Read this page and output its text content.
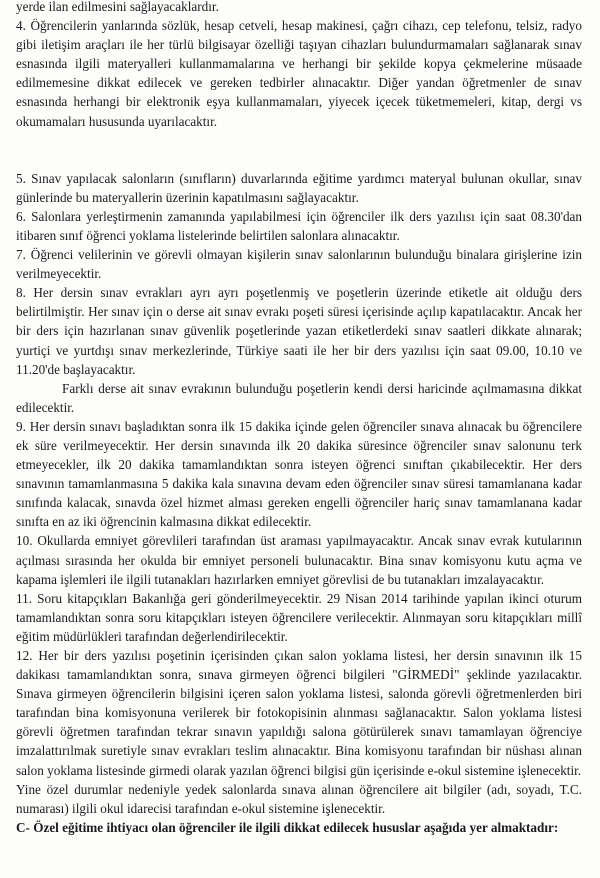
yerde ilan edilmesini sağlayacaklardır.

4. Öğrencilerin yanlarında sözlük, hesap cetveli, hesap makinesi, çağrı cihazı, cep telefonu, telsiz, radyo gibi iletişim araçları ile her türlü bilgisayar özelliği taşıyan cihazları bulundurmamaları sağlanarak sınav esnasında ilgili materyalleri kullanmamalarına ve herhangi bir şekilde kopya çekmelerine müsaade edilmemesine dikkat edilecek ve gereken tedbirler alınacaktır. Diğer yandan öğretmenler de sınav esnasında herhangi bir elektronik eşya kullanmamaları, yiyecek içecek tüketmemeleri, kitap, dergi vs okumamaları hususunda uyarılacaktır.

5. Sınav yapılacak salonların (sınıfların) duvarlarında eğitime yardımcı materyal bulunan okullar, sınav günlerinde bu materyallerin üzerinin kapatılmasını sağlayacaktır.

6. Salonlara yerleştirmenin zamanında yapılabilmesi için öğrenciler ilk ders yazılısı için saat 08.30'dan itibaren sınıf öğrenci yoklama listelerinde belirtilen salonlara alınacaktır.

7. Öğrenci velilerinin ve görevli olmayan kişilerin sınav salonlarının bulunduğu binalara girişlerine izin verilmeyecektir.

8. Her dersin sınav evrakları ayrı ayrı poşetlenmiş ve poşetlerin üzerinde etiketle ait olduğu ders belirtilmiştir. Her sınav için o derse ait sınav evrakı poşeti süresi içerisinde açılıp kapatılacaktır. Ancak her bir ders için hazırlanan sınav güvenlik poşetlerinde yazan etiketlerdeki sınav saatleri dikkate alınarak; yurtiçi ve yurtdışı sınav merkezlerinde, Türkiye saati ile her bir ders yazılısı için saat 09.00, 10.10 ve 11.20'de başlayacaktır.

Farklı derse ait sınav evrakının bulunduğu poşetlerin kendi dersi haricinde açılmamasına dikkat edilecektir.

9. Her dersin sınavı başladıktan sonra ilk 15 dakika içinde gelen öğrenciler sınava alınacak bu öğrencilere ek süre verilmeyecektir. Her dersin sınavında ilk 20 dakika süresince öğrenciler sınav salonunu terk etmeyecekler, ilk 20 dakika tamamlandıktan sonra isteyen öğrenci sınıftan çıkabilecektir. Her ders sınavının tamamlanmasına 5 dakika kala sınavına devam eden öğrenciler sınav süresi tamamlanana kadar sınıfında kalacak, sınavda özel hizmet alması gereken engelli öğrenciler hariç sınav tamamlanana kadar sınıfta en az iki öğrencinin kalmasına dikkat edilecektir.

10. Okullarda emniyet görevlileri tarafından üst araması yapılmayacaktır. Ancak sınav evrak kutularının açılması sırasında her okulda bir emniyet personeli bulunacaktır. Bina sınav komisyonu kutu açma ve kapama işlemleri ile ilgili tutanakları hazırlarken emniyet görevlisi de bu tutanakları imzalayacaktır.

11. Soru kitapçıkları Bakanlığa geri gönderilmeyecektir. 29 Nisan 2014 tarihinde yapılan ikinci oturum tamamlandıktan sonra soru kitapçıkları isteyen öğrencilere verilecektir. Alınmayan soru kitapçıkları millî eğitim müdürlükleri tarafından değerlendirilecektir.

12. Her bir ders yazılısı poşetinin içerisinden çıkan salon yoklama listesi, her dersin sınavının ilk 15 dakikası tamamlandıktan sonra, sınava girmeyen öğrenci bilgileri "GİRMEDİ" şeklinde yazılacaktır. Sınava girmeyen öğrencilerin bilgisini içeren salon yoklama listesi, salonda görevli öğretmenlerden biri tarafından bina komisyonuna verilerek bir fotokopisinin alınması sağlanacaktır. Salon yoklama listesi görevli öğretmen tarafından tekrar sınavın yapıldığı salona götürülerek sınavı tamamlayan öğrenciye imzalattırılmak suretiyle sınav evrakları teslim alınacaktır. Bina komisyonu tarafından bir nüshası alınan salon yoklama listesinde girmedi olarak yazılan öğrenci bilgisi gün içerisinde e-okul sistemine işlenecektir.

Yine özel durumlar nedeniyle yedek salonlarda sınava alınan öğrencilere ait bilgiler (adı, soyadı, T.C. numarası) ilgili okul idarecisi tarafından e-okul sistemine işlenecektir.

C- Özel eğitime ihtiyacı olan öğrenciler ile ilgili dikkat edilecek hususlar aşağıda yer almaktadır:
